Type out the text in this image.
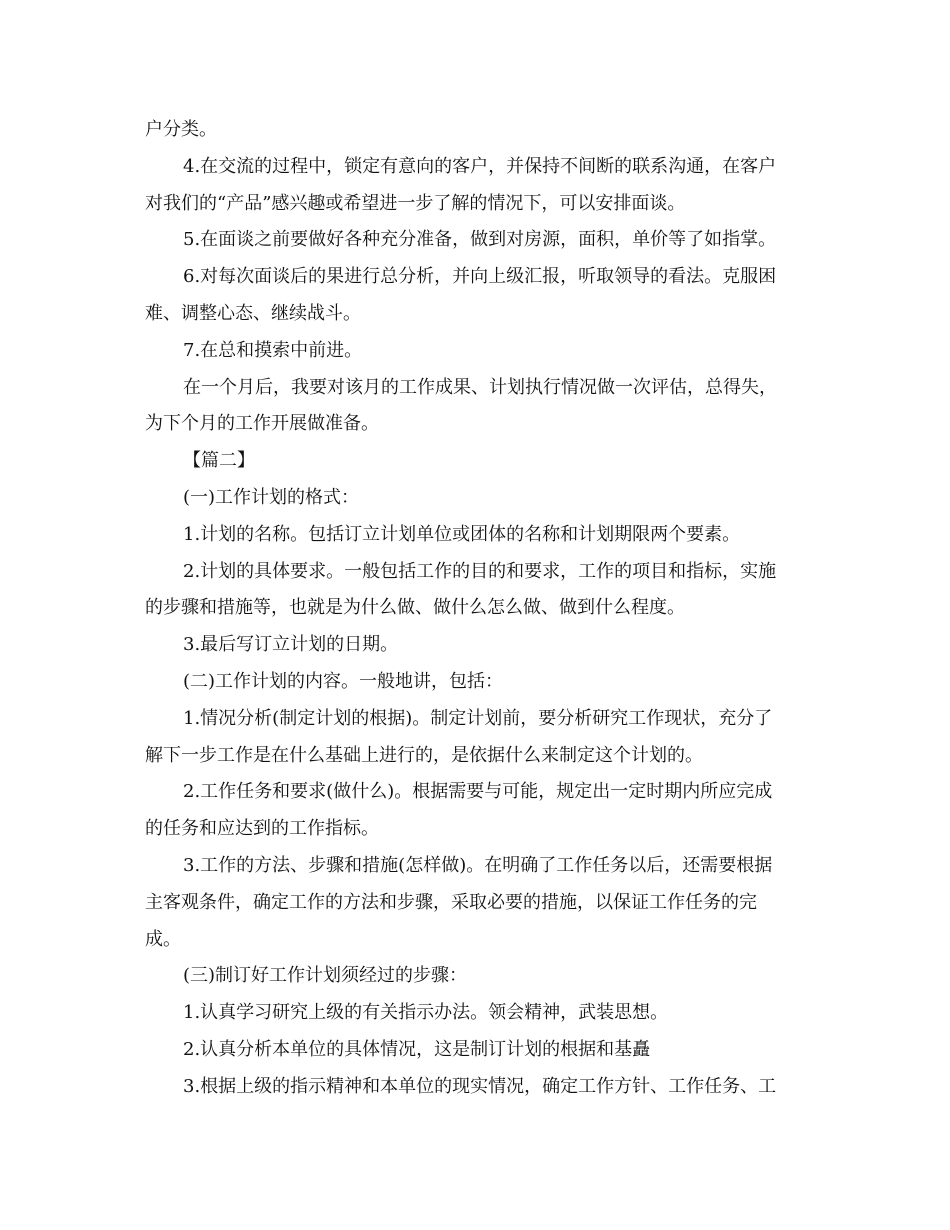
户分类。

4.在交流的过程中，锁定有意向的客户，并保持不间断的联系沟通，在客户

对我们的“产品”感兴趣或希望进一步了解的情况下，可以安排面谈。

5.在面谈之前要做好各种充分准备，做到对房源，面积，单价等了如指掌。

6.对每次面谈后的果进行总分析，并向上级汇报，听取领导的看法。克服困

难、调整心态、继续战斗。

7.在总和摸索中前进。

在一个月后，我要对该月的工作成果、计划执行情况做一次评估，总得失，

为下个月的工作开展做准备。

【篇二】

(一)工作计划的格式：

1.计划的名称。包括订立计划单位或团体的名称和计划期限两个要素。

2.计划的具体要求。一般包括工作的目的和要求，工作的项目和指标，实施

的步骤和措施等，也就是为什么做、做什么怎么做、做到什么程度。

3.最后写订立计划的日期。

(二)工作计划的内容。一般地讲，包括：

1.情况分析(制定计划的根据)。制定计划前，要分析研究工作现状，充分了

解下一步工作是在什么基础上进行的，是依据什么来制定这个计划的。

2.工作任务和要求(做什么)。根据需要与可能，规定出一定时期内所应完成

的任务和应达到的工作指标。

3.工作的方法、步骤和措施(怎样做)。在明确了工作任务以后，还需要根据

主客观条件，确定工作的方法和步骤，采取必要的措施，以保证工作任务的完

成。

(三)制订好工作计划须经过的步骤：

1.认真学习研究上级的有关指示办法。领会精神，武装思想。

2.认真分析本单位的具体情况，这是制订计划的根据和基矗

3.根据上级的指示精神和本单位的现实情况，确定工作方针、工作任务、工
